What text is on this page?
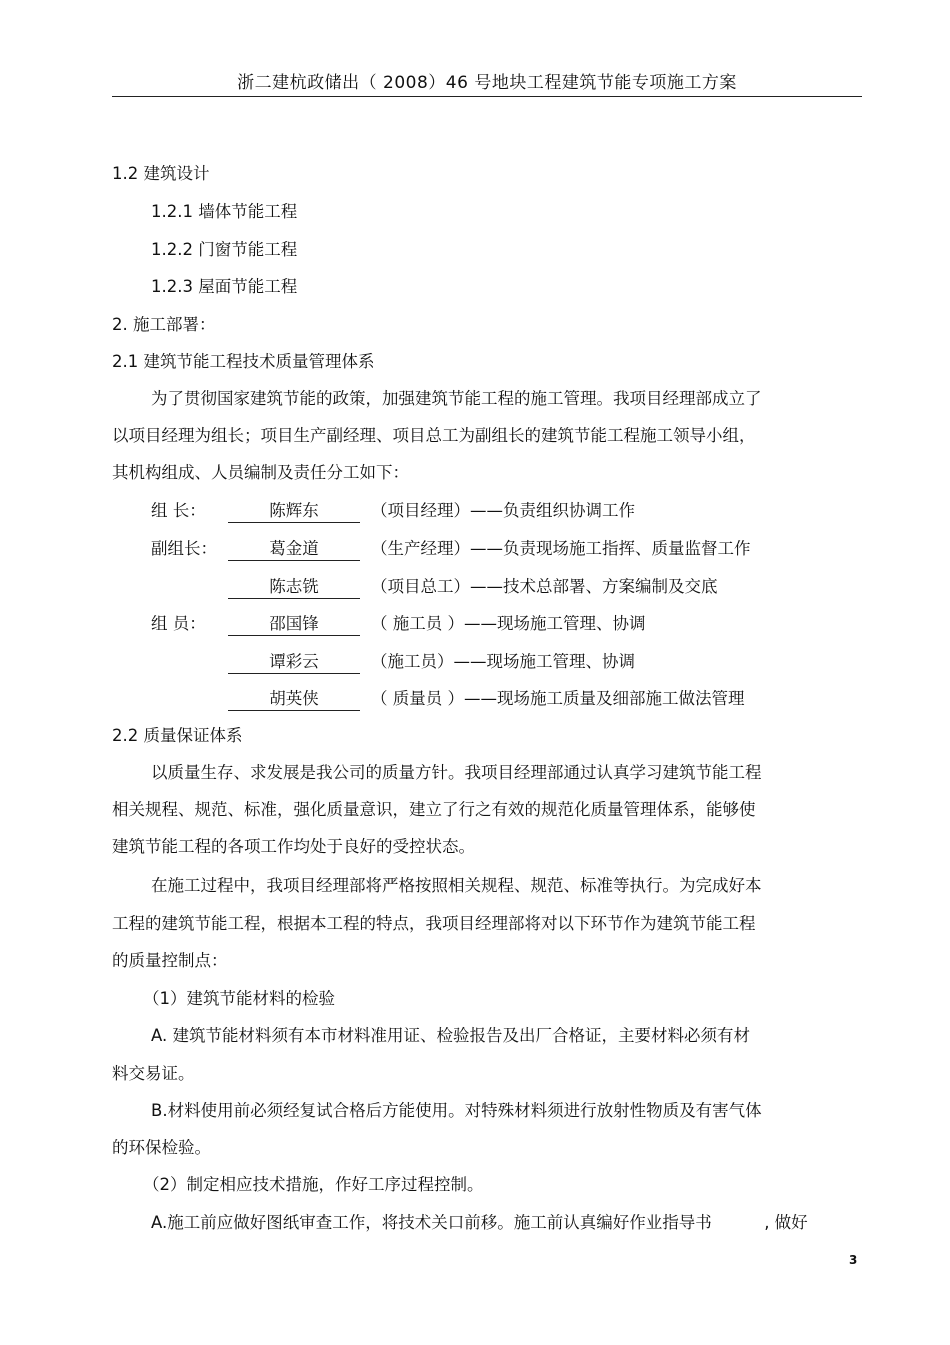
浙二建杭政储出（ 2008）46 号地块工程建筑节能专项施工方案
1.2 建筑设计
1.2.1 墙体节能工程
1.2.2 门窗节能工程
1.2.3 屋面节能工程
2. 施工部署：
2.1 建筑节能工程技术质量管理体系
为了贯彻国家建筑节能的政策，加强建筑节能工程的施工管理。我项目经理部成立了
以项目经理为组长；项目生产副经理、项目总工为副组长的建筑节能工程施工领导小组，
其机构组成、人员编制及责任分工如下：
组 长：	陈辉东	（项目经理）——负责组织协调工作
副组长：	葛金道	（生产经理）——负责现场施工指挥、质量监督工作
陈志铣	（项目总工）——技术总部署、方案编制及交底
组 员：	邵国锋	（ 施工员 ）——现场施工管理、协调
谭彩云	（施工员）——现场施工管理、协调
胡英侠	（ 质量员 ）——现场施工质量及细部施工做法管理
2.2 质量保证体系
以质量生存、求发展是我公司的质量方针。我项目经理部通过认真学习建筑节能工程
相关规程、规范、标准，强化质量意识，建立了行之有效的规范化质量管理体系，能够使
建筑节能工程的各项工作均处于良好的受控状态。
在施工过程中，我项目经理部将严格按照相关规程、规范、标准等执行。为完成好本
工程的建筑节能工程，根据本工程的特点，我项目经理部将对以下环节作为建筑节能工程
的质量控制点：
（1）建筑节能材料的检验
A. 建筑节能材料须有本市材料准用证、检验报告及出厂合格证，主要材料必须有材
料交易证。
B.材料使用前必须经复试合格后方能使用。对特殊材料须进行放射性物质及有害气体
的环保检验。
（2）制定相应技术措施，作好工序过程控制。
A.施工前应做好图纸审查工作，将技术关口前移。施工前认真编好作业指导书          , 做好
3
